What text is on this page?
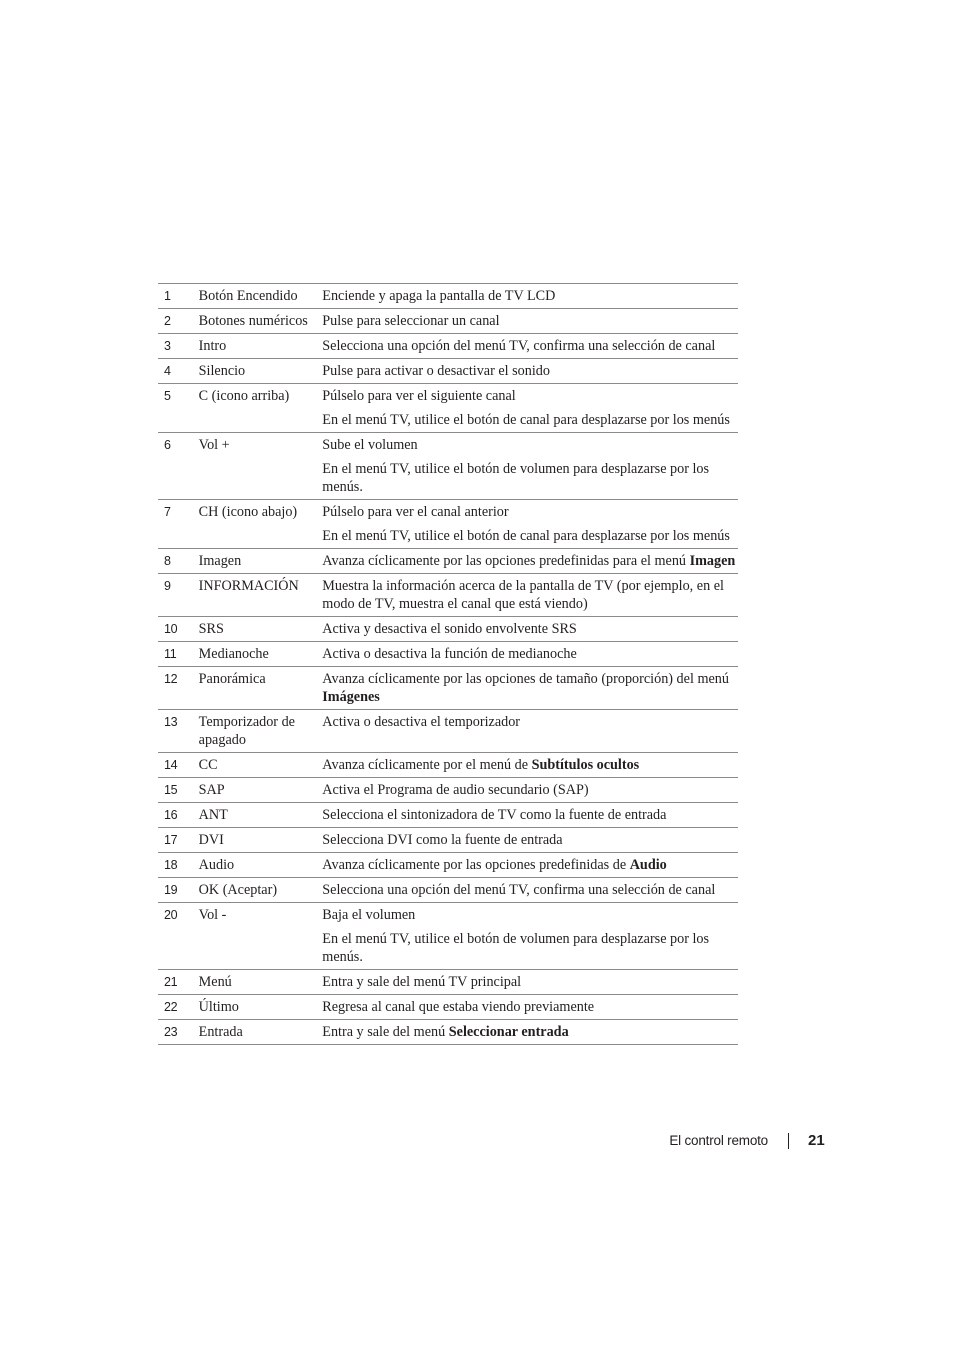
1	Botón Encendido	Enciende y apaga la pantalla de TV LCD

2	Botones numéricos	Pulse para seleccionar un canal

3	Intro	Selecciona una opción del menú TV, confirma una selección de canal

4	Silencio	Pulse para activar o desactivar el sonido

5	C (icono arriba)	Púlselo para ver el siguiente canal
En el menú TV, utilice el botón de canal para desplazarse por los menús

6	Vol +	Sube el volumen
En el menú TV, utilice el botón de volumen para desplazarse por los menús.

7	CH (icono abajo)	Púlselo para ver el canal anterior
En el menú TV, utilice el botón de canal para desplazarse por los menús

8	Imagen	Avanza cíclicamente por las opciones predefinidas para el menú Imagen

9	INFORMACIÓN	Muestra la información acerca de la pantalla de TV (por ejemplo, en el modo de TV, muestra el canal que está viendo)

10	SRS	Activa y desactiva el sonido envolvente SRS

11	Medianoche	Activa o desactiva la función de medianoche

12	Panorámica	Avanza cíclicamente por las opciones de tamaño (proporción) del menú Imágenes

13	Temporizador de apagado	Activa o desactiva el temporizador

14	CC	Avanza cíclicamente por el menú de Subtítulos ocultos

15	SAP	Activa el Programa de audio secundario (SAP)

16	ANT	Selecciona el sintonizadora de TV como la fuente de entrada

17	DVI	Selecciona DVI como la fuente de entrada

18	Audio	Avanza cíclicamente por las opciones predefinidas de Audio

19	OK (Aceptar)	Selecciona una opción del menú TV, confirma una selección de canal

20	Vol -	Baja el volumen
En el menú TV, utilice el botón de volumen para desplazarse por los menús.

21	Menú	Entra y sale del menú TV principal

22	Último	Regresa al canal que estaba viendo previamente

23	Entrada	Entra y sale del menú Seleccionar entrada
El control remoto	21
